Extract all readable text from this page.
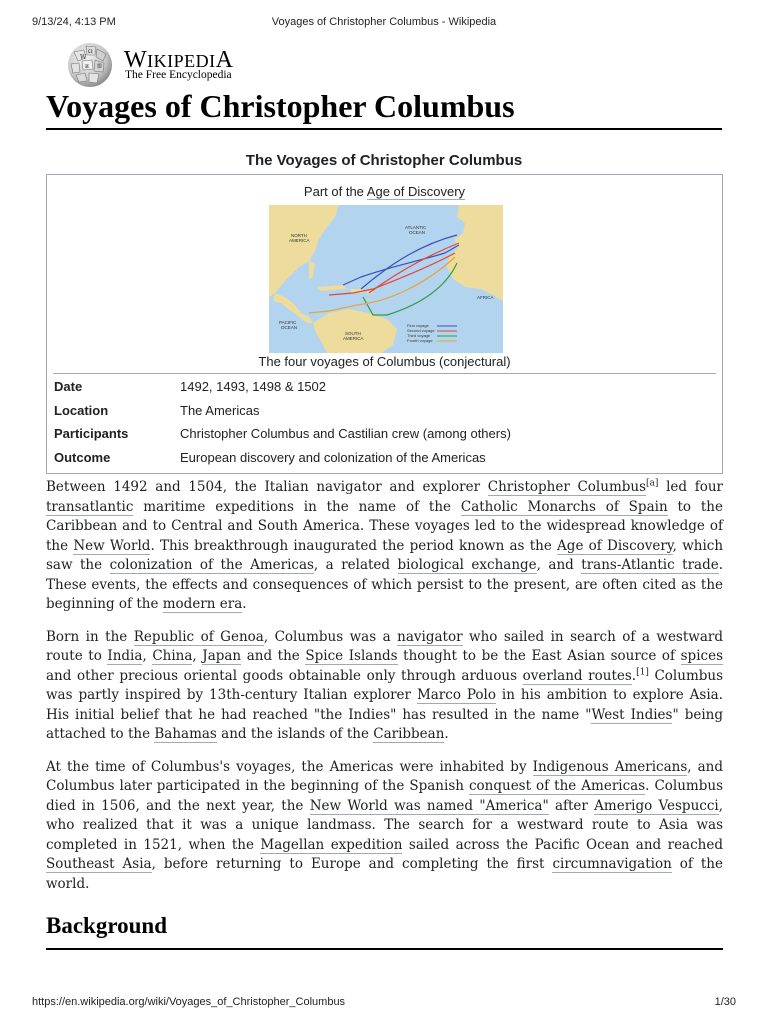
9/13/24, 4:13 PM	Voyages of Christopher Columbus - Wikipedia
W
Ω
и 維 WIKIPEDIA
The Free Encyclopedia
Voyages of Christopher Columbus
The Voyages of Christopher Columbus
Part of the Age of Discovery
NORTH
AMERICA
ATLANTIC
OCEAN
AFRICA
PACIFIC
OCEAN
SOUTH
AMERICA
First voyage
Second voyage
Third voyage
Fourth voyage
The four voyages of Columbus (conjectural)
Date	1492, 1493, 1498 & 1502
Location	The Americas
Participants	Christopher Columbus and Castilian crew (among others)
Outcome	European discovery and colonization of the Americas

Between 1492 and 1504, the Italian navigator and explorer Christopher Columbus[a] led four transatlantic maritime expeditions in the name of the Catholic Monarchs of Spain to the Caribbean and to Central and South America. These voyages led to the widespread knowledge of the New World. This breakthrough inaugurated the period known as the Age of Discovery, which saw the colonization of the Americas, a related biological exchange, and trans-Atlantic trade. These events, the effects and consequences of which persist to the present, are often cited as the beginning of the modern era.

Born in the Republic of Genoa, Columbus was a navigator who sailed in search of a westward route to India, China, Japan and the Spice Islands thought to be the East Asian source of spices and other precious oriental goods obtainable only through arduous overland routes.[1] Columbus was partly inspired by 13th-century Italian explorer Marco Polo in his ambition to explore Asia. His initial belief that he had reached "the Indies" has resulted in the name "West Indies" being attached to the Bahamas and the islands of the Caribbean.

At the time of Columbus's voyages, the Americas were inhabited by Indigenous Americans, and Columbus later participated in the beginning of the Spanish conquest of the Americas. Columbus died in 1506, and the next year, the New World was named "America" after Amerigo Vespucci, who realized that it was a unique landmass. The search for a westward route to Asia was completed in 1521, when the Magellan expedition sailed across the Pacific Ocean and reached Southeast Asia, before returning to Europe and completing the first circumnavigation of the world.

Background
https://en.wikipedia.org/wiki/Voyages_of_Christopher_Columbus	1/30
